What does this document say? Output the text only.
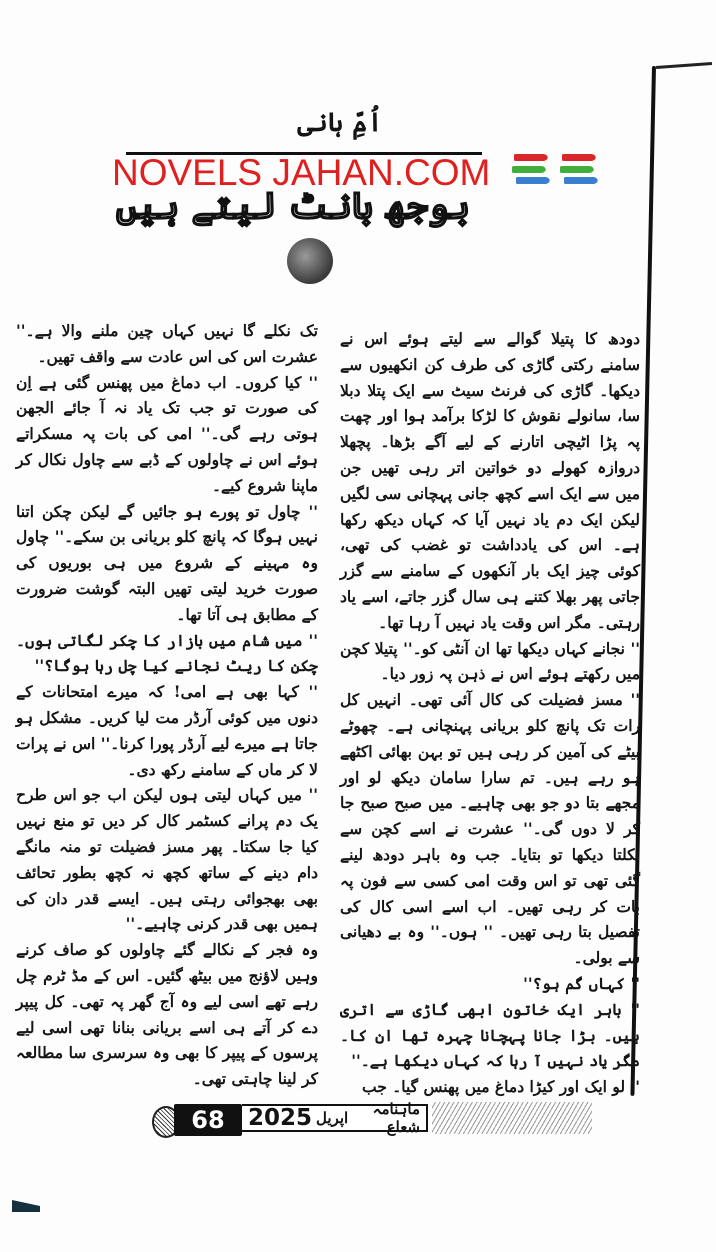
اُمِّ ہانی
بوجھ بانٹ لیتے ہیں
NOVELS JAHAN.COM

دودھ کا پتیلا گوالے سے لیتے ہوئے اس نے سامنے رکتی گاڑی کی طرف کن انکھیوں سے دیکھا۔ گاڑی کی فرنٹ سیٹ سے ایک پتلا دبلا سا، سانولے نقوش کا لڑکا برآمد ہوا اور چھت پہ پڑا اٹیچی اتارنے کے لیے آگے بڑھا۔ پچھلا دروازہ کھولے دو خواتین اتر رہی تھیں جن میں سے ایک اسے کچھ جانی پہچانی سی لگیں لیکن ایک دم یاد نہیں آیا کہ کہاں دیکھ رکھا ہے۔ اس کی یادداشت تو غضب کی تھی، کوئی چیز ایک بار آنکھوں کے سامنے سے گزر جاتی پھر بھلا کتنے ہی سال گزر جاتے، اسے یاد رہتی۔ مگر اس وقت یاد نہیں آ رہا تھا۔

'' نجانے کہاں دیکھا تھا ان آنٹی کو۔'' پتیلا کچن میں رکھتے ہوئے اس نے ذہن پہ زور دیا۔

'' مسز فضیلت کی کال آئی تھی۔ انہیں کل رات تک پانچ کلو بریانی پہنچانی ہے۔ چھوٹے بیٹے کی آمین کر رہی ہیں تو بہن بھائی اکٹھے ہو رہے ہیں۔ تم سارا سامان دیکھ لو اور مجھے بتا دو جو بھی چاہیے۔ میں صبح صبح جا کر لا دوں گی۔'' عشرت نے اسے کچن سے نکلتا دیکھا تو بتایا۔ جب وہ باہر دودھ لینے گئی تھی تو اس وقت امی کسی سے فون پہ بات کر رہی تھیں۔ اب اسے اسی کال کی تفصیل بتا رہی تھیں۔ '' ہوں۔'' وہ بے دھیانی سے بولی۔

'' کہاں گم ہو؟''

'' باہر ایک خاتون ابھی گاڑی سے اتری ہیں۔ بڑا جانا پہچانا چہرہ تھا ان کا۔ مگر یاد نہیں آ رہا کہ کہاں دیکھا ہے۔''

'' لو ایک اور کیڑا دماغ میں پھنس گیا۔ جب

تک نکلے گا نہیں کہاں چین ملنے والا ہے۔'' عشرت اس کی اس عادت سے واقف تھیں۔

'' کیا کروں۔ اب دماغ میں پھنس گئی ہے اِن کی صورت تو جب تک یاد نہ آ جائے الجھن ہوتی رہے گی۔'' امی کی بات پہ مسکراتے ہوئے اس نے چاولوں کے ڈبے سے چاول نکال کر ماپنا شروع کیے۔

'' چاول تو پورے ہو جائیں گے لیکن چکن اتنا نہیں ہوگا کہ پانچ کلو بریانی بن سکے۔'' چاول وہ مہینے کے شروع میں ہی بوریوں کی صورت خرید لیتی تھیں البتہ گوشت ضرورت کے مطابق ہی آتا تھا۔

'' میں شام میں بازار کا چکر لگاتی ہوں۔ چکن کا ریٹ نجانے کیا چل رہا ہوگا؟''

'' کہا بھی ہے امی! کہ میرے امتحانات کے دنوں میں کوئی آرڈر مت لیا کریں۔ مشکل ہو جاتا ہے میرے لیے آرڈر پورا کرنا۔'' اس نے پرات لا کر ماں کے سامنے رکھ دی۔

'' میں کہاں لیتی ہوں لیکن اب جو اس طرح یک دم پرانے کسٹمر کال کر دیں تو منع نہیں کیا جا سکتا۔ پھر مسز فضیلت تو منہ مانگے دام دینے کے ساتھ کچھ نہ کچھ بطور تحائف بھی بھجوائی رہتی ہیں۔ ایسے قدر دان کی ہمیں بھی قدر کرنی چاہیے۔''

وہ فجر کے نکالے گئے چاولوں کو صاف کرنے وہیں لاؤنج میں بیٹھ گئیں۔ اس کے مڈ ٹرم چل رہے تھے اسی لیے وہ آج گھر پہ تھی۔ کل پیپر دے کر آتے ہی اسے بریانی بنانا تھی اسی لیے پرسوں کے پیپر کا بھی وہ سرسری سا مطالعہ کر لینا چاہتی تھی۔

68	ماہنامہ شعاع
اپریل
2025
